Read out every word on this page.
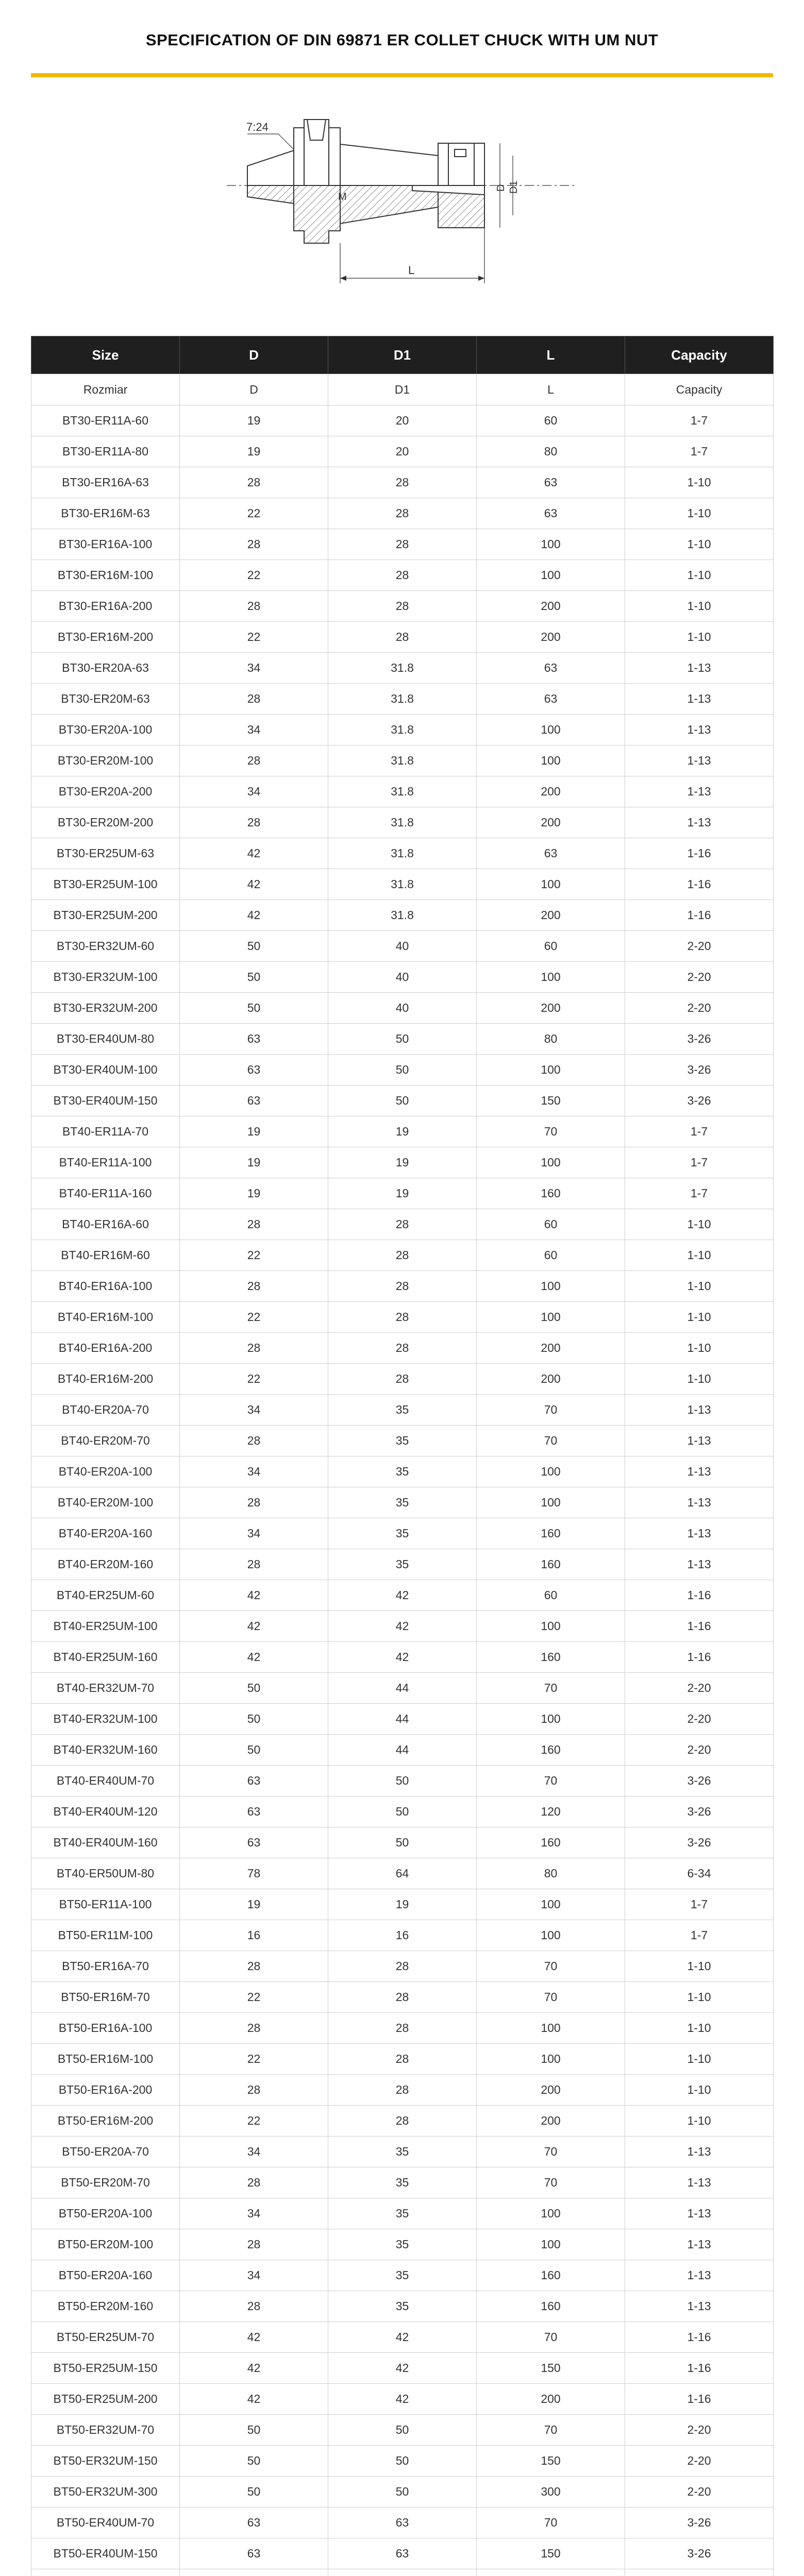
SPECIFICATION OF DIN 69871 ER COLLET CHUCK WITH UM NUT
7:24
M
D D1
L
Size	D	D1	L	Capacity
Rozmiar	D	D1	L	Capacity
BT30-ER11A-60	19	20	60	1-7
BT30-ER11A-80	19	20	80	1-7
BT30-ER16A-63	28	28	63	1-10
BT30-ER16M-63	22	28	63	1-10
BT30-ER16A-100	28	28	100	1-10
BT30-ER16M-100	22	28	100	1-10
BT30-ER16A-200	28	28	200	1-10
BT30-ER16M-200	22	28	200	1-10
BT30-ER20A-63	34	31.8	63	1-13
BT30-ER20M-63	28	31.8	63	1-13
BT30-ER20A-100	34	31.8	100	1-13
BT30-ER20M-100	28	31.8	100	1-13
BT30-ER20A-200	34	31.8	200	1-13
BT30-ER20M-200	28	31.8	200	1-13
BT30-ER25UM-63	42	31.8	63	1-16
BT30-ER25UM-100	42	31.8	100	1-16
BT30-ER25UM-200	42	31.8	200	1-16
BT30-ER32UM-60	50	40	60	2-20
BT30-ER32UM-100	50	40	100	2-20
BT30-ER32UM-200	50	40	200	2-20
BT30-ER40UM-80	63	50	80	3-26
BT30-ER40UM-100	63	50	100	3-26
BT30-ER40UM-150	63	50	150	3-26
BT40-ER11A-70	19	19	70	1-7
BT40-ER11A-100	19	19	100	1-7
BT40-ER11A-160	19	19	160	1-7
BT40-ER16A-60	28	28	60	1-10
BT40-ER16M-60	22	28	60	1-10
BT40-ER16A-100	28	28	100	1-10
BT40-ER16M-100	22	28	100	1-10
BT40-ER16A-200	28	28	200	1-10
BT40-ER16M-200	22	28	200	1-10
BT40-ER20A-70	34	35	70	1-13
BT40-ER20M-70	28	35	70	1-13
BT40-ER20A-100	34	35	100	1-13
BT40-ER20M-100	28	35	100	1-13
BT40-ER20A-160	34	35	160	1-13
BT40-ER20M-160	28	35	160	1-13
BT40-ER25UM-60	42	42	60	1-16
BT40-ER25UM-100	42	42	100	1-16
BT40-ER25UM-160	42	42	160	1-16
BT40-ER32UM-70	50	44	70	2-20
BT40-ER32UM-100	50	44	100	2-20
BT40-ER32UM-160	50	44	160	2-20
BT40-ER40UM-70	63	50	70	3-26
BT40-ER40UM-120	63	50	120	3-26
BT40-ER40UM-160	63	50	160	3-26
BT40-ER50UM-80	78	64	80	6-34
BT50-ER11A-100	19	19	100	1-7
BT50-ER11M-100	16	16	100	1-7
BT50-ER16A-70	28	28	70	1-10
BT50-ER16M-70	22	28	70	1-10
BT50-ER16A-100	28	28	100	1-10
BT50-ER16M-100	22	28	100	1-10
BT50-ER16A-200	28	28	200	1-10
BT50-ER16M-200	22	28	200	1-10
BT50-ER20A-70	34	35	70	1-13
BT50-ER20M-70	28	35	70	1-13
BT50-ER20A-100	34	35	100	1-13
BT50-ER20M-100	28	35	100	1-13
BT50-ER20A-160	34	35	160	1-13
BT50-ER20M-160	28	35	160	1-13
BT50-ER25UM-70	42	42	70	1-16
BT50-ER25UM-150	42	42	150	1-16
BT50-ER25UM-200	42	42	200	1-16
BT50-ER32UM-70	50	50	70	2-20
BT50-ER32UM-150	50	50	150	2-20
BT50-ER32UM-300	50	50	300	2-20
BT50-ER40UM-70	63	63	70	3-26
BT50-ER40UM-150	63	63	150	3-26
